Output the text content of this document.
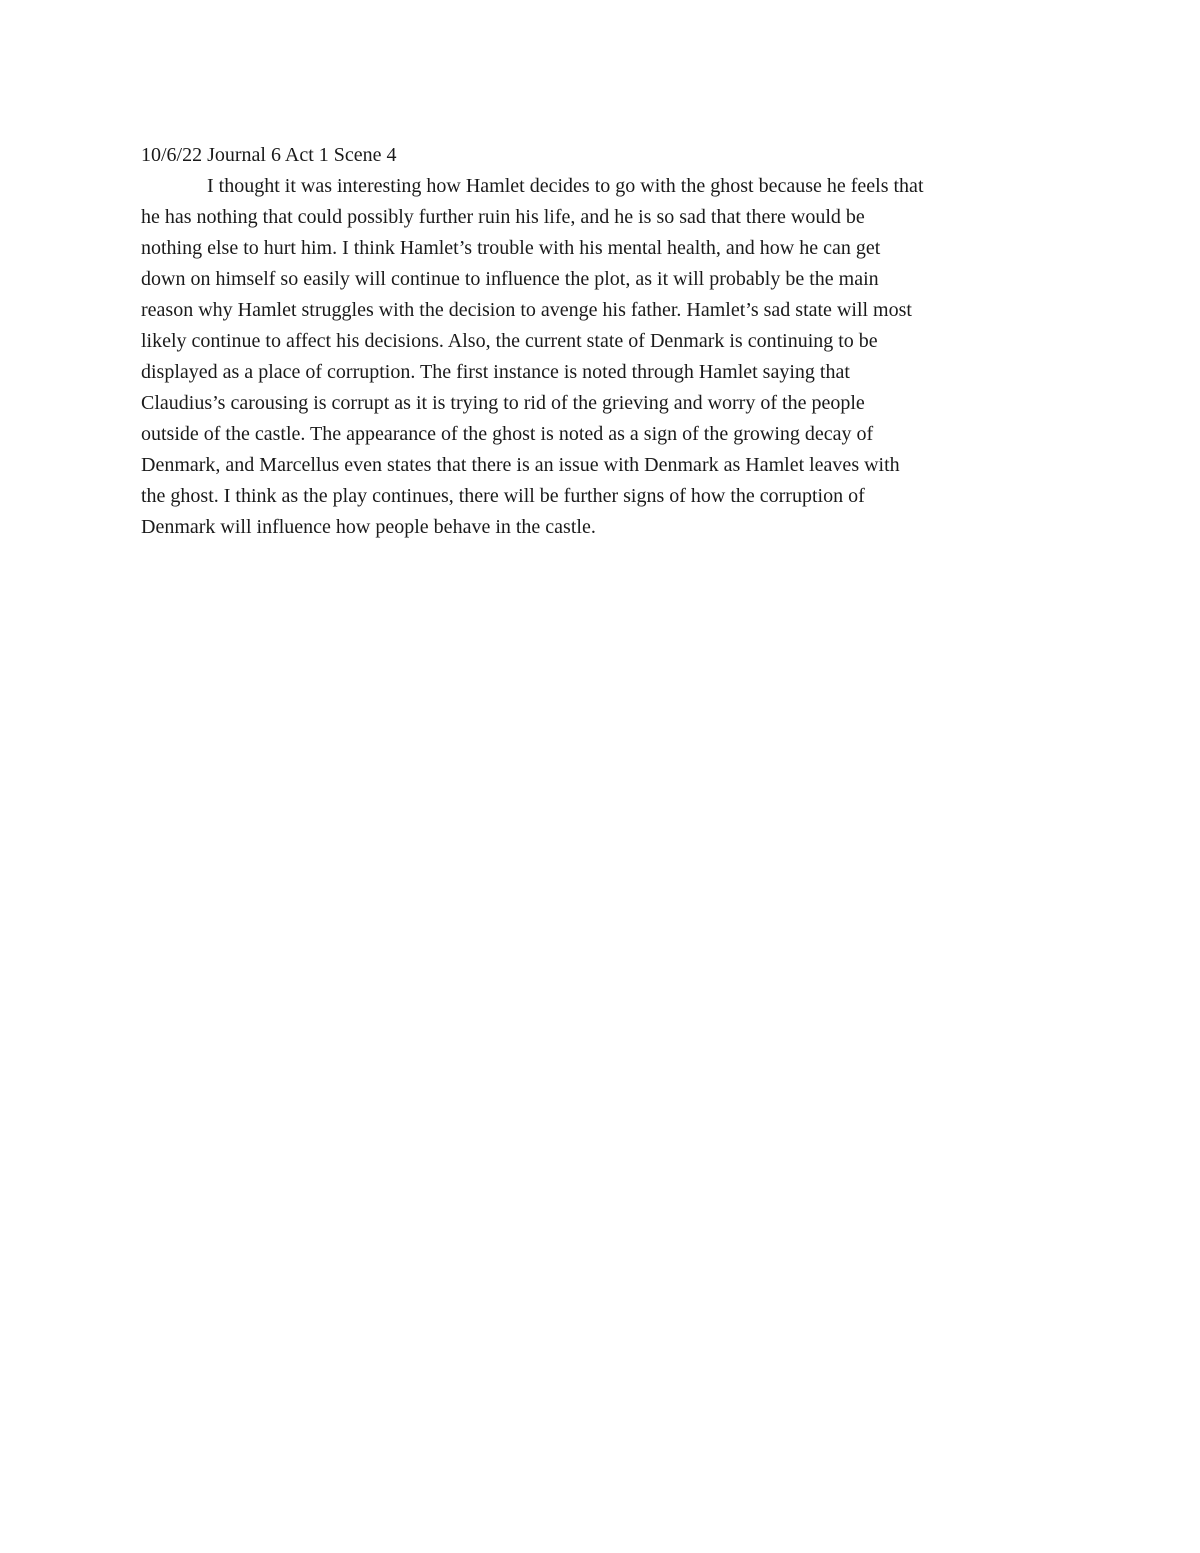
10/6/22 Journal 6 Act 1 Scene 4
I thought it was interesting how Hamlet decides to go with the ghost because he feels that
he has nothing that could possibly further ruin his life, and he is so sad that there would be
nothing else to hurt him. I think Hamlet’s trouble with his mental health, and how he can get
down on himself so easily will continue to influence the plot, as it will probably be the main
reason why Hamlet struggles with the decision to avenge his father. Hamlet’s sad state will most
likely continue to affect his decisions. Also, the current state of Denmark is continuing to be
displayed as a place of corruption. The first instance is noted through Hamlet saying that
Claudius’s carousing is corrupt as it is trying to rid of the grieving and worry of the people
outside of the castle. The appearance of the ghost is noted as a sign of the growing decay of
Denmark, and Marcellus even states that there is an issue with Denmark as Hamlet leaves with
the ghost. I think as the play continues, there will be further signs of how the corruption of
Denmark will influence how people behave in the castle.
